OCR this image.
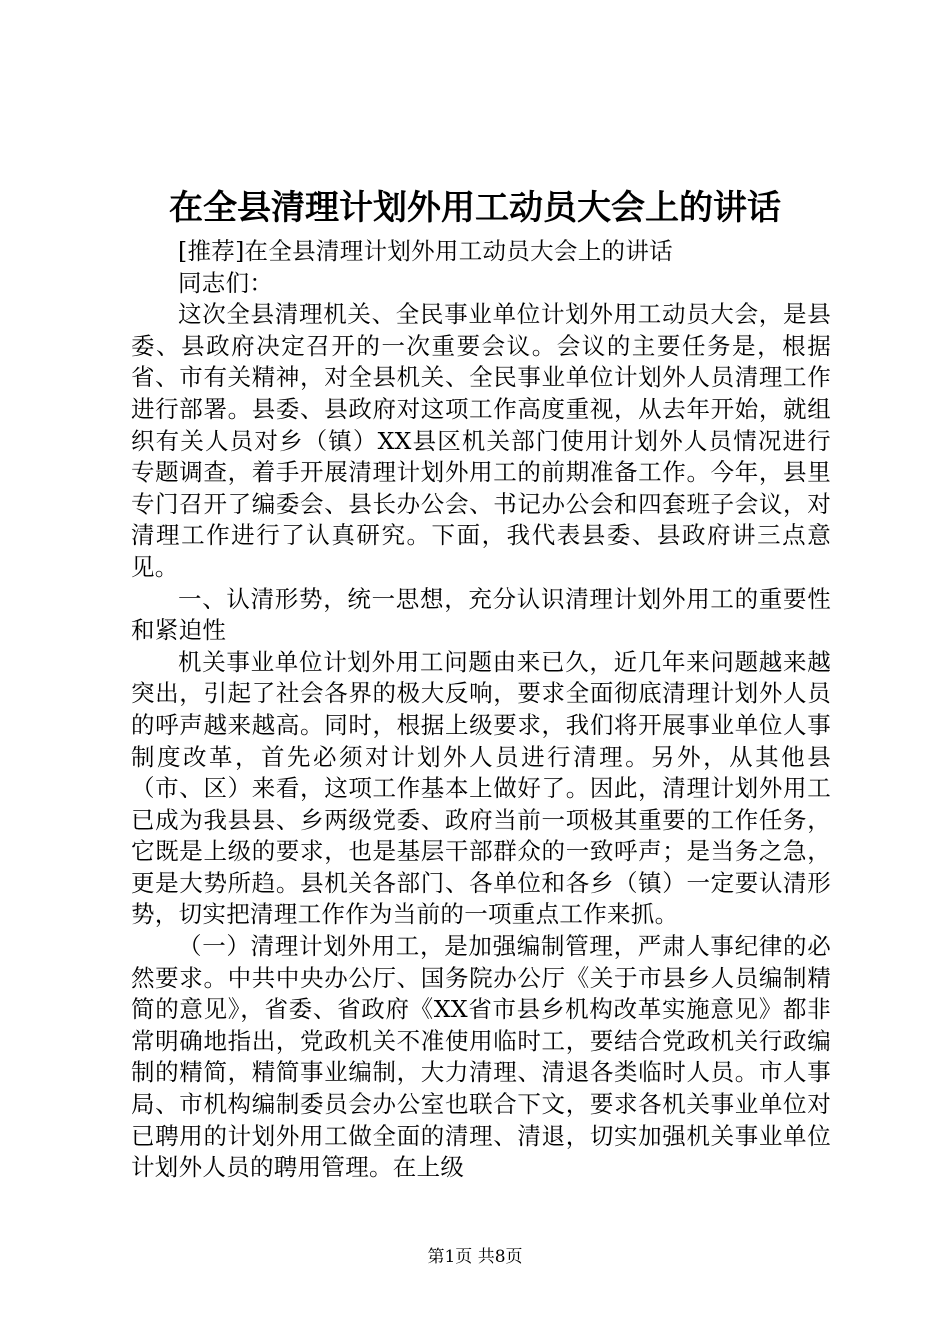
在全县清理计划外用工动员大会上的讲话

[推荐]在全县清理计划外用工动员大会上的讲话

同志们：

这次全县清理机关、全民事业单位计划外用工动员大会，是县委、县政府决定召开的一次重要会议。会议的主要任务是，根据省、市有关精神，对全县机关、全民事业单位计划外人员清理工作进行部署。县委、县政府对这项工作高度重视，从去年开始，就组织有关人员对乡（镇）XX县区机关部门使用计划外人员情况进行专题调查，着手开展清理计划外用工的前期准备工作。今年，县里专门召开了编委会、县长办公会、书记办公会和四套班子会议，对清理工作进行了认真研究。下面，我代表县委、县政府讲三点意见。

一、认清形势，统一思想，充分认识清理计划外用工的重要性和紧迫性

机关事业单位计划外用工问题由来已久，近几年来问题越来越突出，引起了社会各界的极大反响，要求全面彻底清理计划外人员的呼声越来越高。同时，根据上级要求，我们将开展事业单位人事制度改革，首先必须对计划外人员进行清理。另外，从其他县（市、区）来看，这项工作基本上做好了。因此，清理计划外用工已成为我县县、乡两级党委、政府当前一项极其重要的工作任务，它既是上级的要求，也是基层干部群众的一致呼声；是当务之急，更是大势所趋。县机关各部门、各单位和各乡（镇）一定要认清形势，切实把清理工作作为当前的一项重点工作来抓。

（一）清理计划外用工，是加强编制管理，严肃人事纪律的必然要求。中共中央办公厅、国务院办公厅《关于市县乡人员编制精简的意见》，省委、省政府《XX省市县乡机构改革实施意见》都非常明确地指出，党政机关不准使用临时工，要结合党政机关行政编制的精简，精简事业编制，大力清理、清退各类临时人员。市人事局、市机构编制委员会办公室也联合下文，要求各机关事业单位对已聘用的计划外用工做全面的清理、清退，切实加强机关事业单位计划外人员的聘用管理。在上级

第1页 共8页
